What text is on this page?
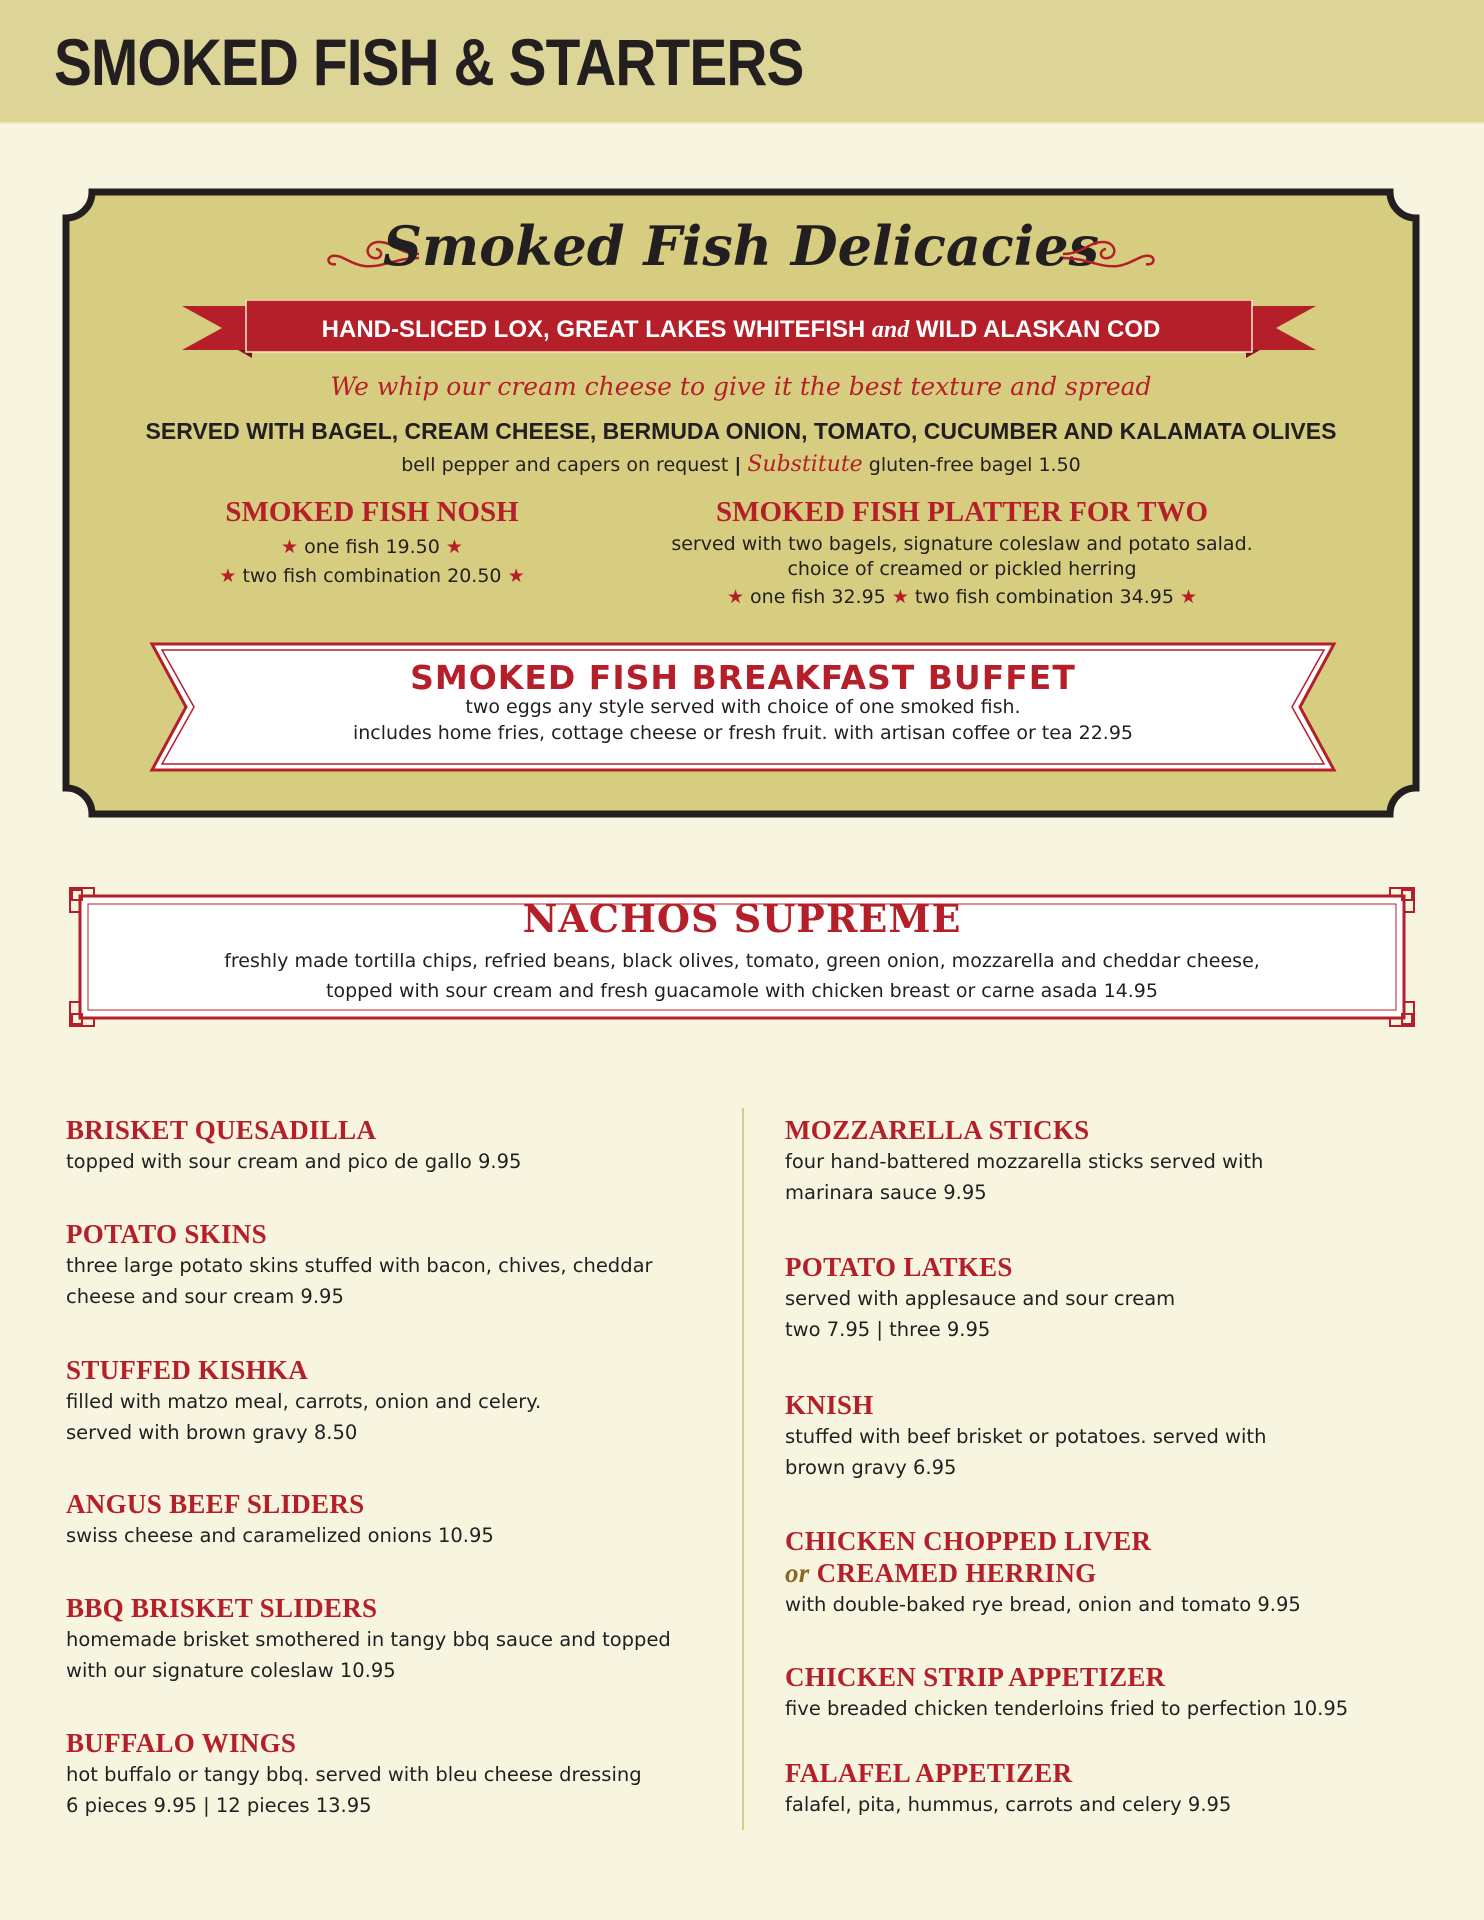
SMOKED FISH & STARTERS
Smoked Fish Delicacies
HAND-SLICED LOX, GREAT LAKES WHITEFISH and WILD ALASKAN COD
We whip our cream cheese to give it the best texture and spread
SERVED WITH BAGEL, CREAM CHEESE, BERMUDA ONION, TOMATO, CUCUMBER AND KALAMATA OLIVES
bell pepper and capers on request | Substitute gluten-free bagel 1.50
SMOKED FISH NOSH
★ one fish 19.50 ★
★ two fish combination 20.50 ★
SMOKED FISH PLATTER FOR TWO
served with two bagels, signature coleslaw and potato salad.
choice of creamed or pickled herring
★ one fish 32.95 ★ two fish combination 34.95 ★
SMOKED FISH BREAKFAST BUFFET
two eggs any style served with choice of one smoked fish.
includes home fries, cottage cheese or fresh fruit. with artisan coffee or tea 22.95
NACHOS SUPREME
freshly made tortilla chips, refried beans, black olives, tomato, green onion, mozzarella and cheddar cheese,
topped with sour cream and fresh guacamole with chicken breast or carne asada 14.95
BRISKET QUESADILLA
topped with sour cream and pico de gallo 9.95
POTATO SKINS
three large potato skins stuffed with bacon, chives, cheddar
cheese and sour cream 9.95
STUFFED KISHKA
filled with matzo meal, carrots, onion and celery.
served with brown gravy 8.50
ANGUS BEEF SLIDERS
swiss cheese and caramelized onions 10.95
BBQ BRISKET SLIDERS
homemade brisket smothered in tangy bbq sauce and topped
with our signature coleslaw 10.95
BUFFALO WINGS
hot buffalo or tangy bbq. served with bleu cheese dressing
6 pieces 9.95 | 12 pieces 13.95
MOZZARELLA STICKS
four hand-battered mozzarella sticks served with
marinara sauce 9.95
POTATO LATKES
served with applesauce and sour cream
two 7.95 | three 9.95
KNISH
stuffed with beef brisket or potatoes. served with
brown gravy 6.95
CHICKEN CHOPPED LIVER
or CREAMED HERRING
with double-baked rye bread, onion and tomato 9.95
CHICKEN STRIP APPETIZER
five breaded chicken tenderloins fried to perfection 10.95
FALAFEL APPETIZER
falafel, pita, hummus, carrots and celery 9.95
